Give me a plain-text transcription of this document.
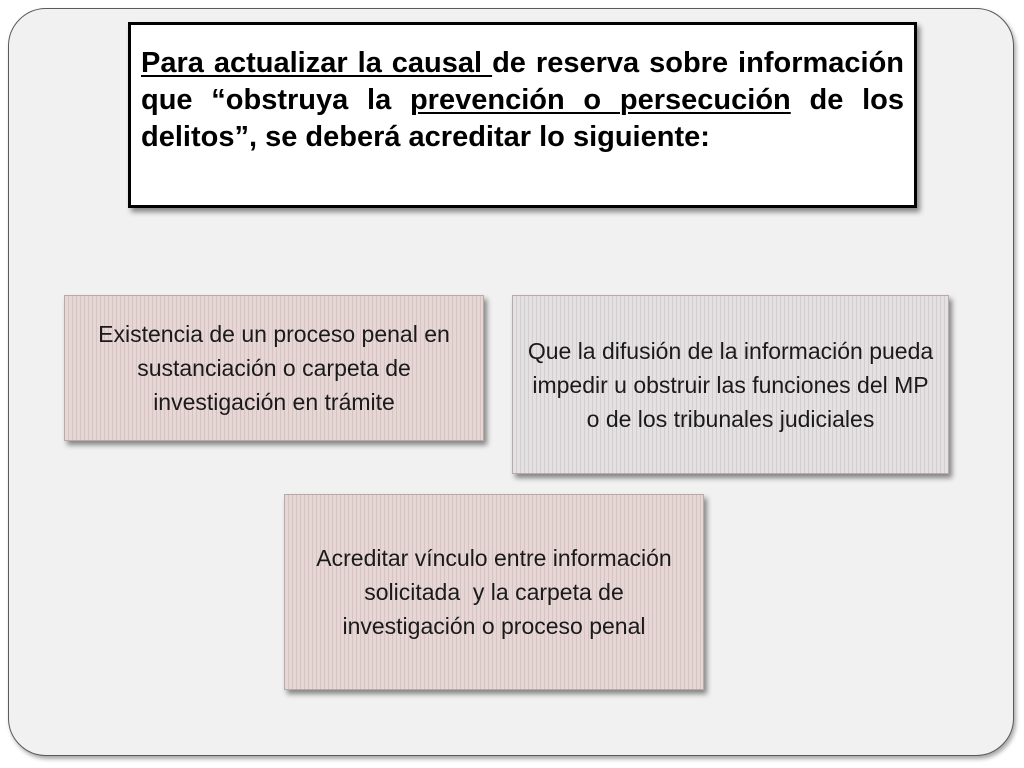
Para actualizar la causal de reserva sobre información que “obstruya la prevención o persecución de los delitos”, se deberá acreditar lo siguiente:

Existencia de un proceso penal en sustanciación o carpeta de investigación en trámite
Que la difusión de la información pueda impedir u obstruir las funciones del MP o de los tribunales judiciales
Acreditar vínculo entre información solicitada  y la carpeta de investigación o proceso penal
